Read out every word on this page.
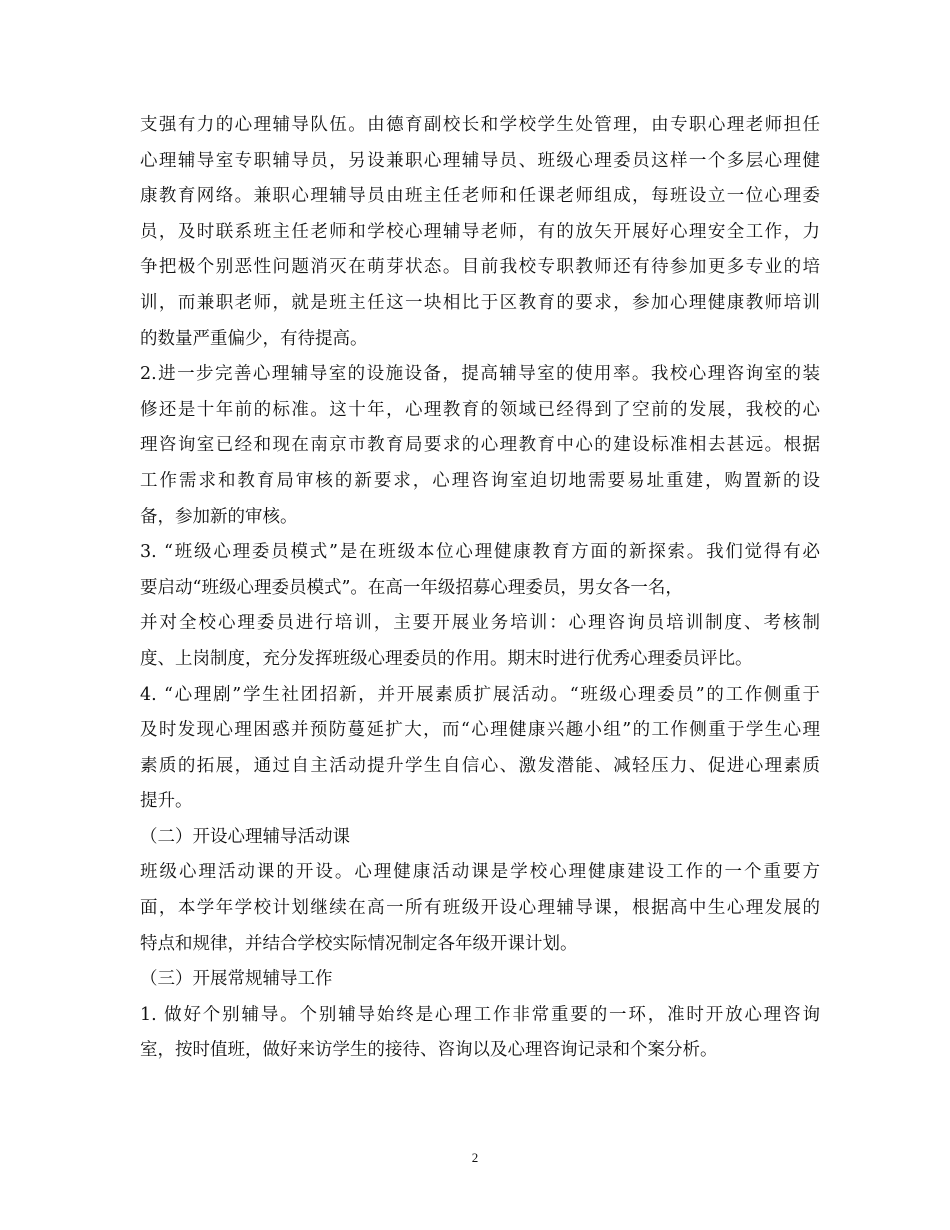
支强有力的心理辅导队伍。由德育副校长和学校学生处管理，由专职心理老师担任
心理辅导室专职辅导员，另设兼职心理辅导员、班级心理委员这样一个多层心理健
康教育网络。兼职心理辅导员由班主任老师和任课老师组成，每班设立一位心理委
员，及时联系班主任老师和学校心理辅导老师，有的放矢开展好心理安全工作，力
争把极个别恶性问题消灭在萌芽状态。目前我校专职教师还有待参加更多专业的培
训，而兼职老师，就是班主任这一块相比于区教育的要求，参加心理健康教师培训
的数量严重偏少，有待提高。
2.进一步完善心理辅导室的设施设备，提高辅导室的使用率。我校心理咨询室的装
修还是十年前的标准。这十年，心理教育的领域已经得到了空前的发展，我校的心
理咨询室已经和现在南京市教育局要求的心理教育中心的建设标准相去甚远。根据
工作需求和教育局审核的新要求，心理咨询室迫切地需要易址重建，购置新的设
备，参加新的审核。
3. “班级心理委员模式”是在班级本位心理健康教育方面的新探索。我们觉得有必
要启动“班级心理委员模式”。在高一年级招募心理委员，男女各一名，
并对全校心理委员进行培训，主要开展业务培训：心理咨询员培训制度、考核制
度、上岗制度，充分发挥班级心理委员的作用。期末时进行优秀心理委员评比。
4. “心理剧”学生社团招新，并开展素质扩展活动。“班级心理委员”的工作侧重于
及时发现心理困惑并预防蔓延扩大，而“心理健康兴趣小组”的工作侧重于学生心理
素质的拓展，通过自主活动提升学生自信心、激发潜能、减轻压力、促进心理素质
提升。
（二）开设心理辅导活动课
班级心理活动课的开设。心理健康活动课是学校心理健康建设工作的一个重要方
面，本学年学校计划继续在高一所有班级开设心理辅导课，根据高中生心理发展的
特点和规律，并结合学校实际情况制定各年级开课计划。
（三）开展常规辅导工作
1. 做好个别辅导。个别辅导始终是心理工作非常重要的一环，准时开放心理咨询
室，按时值班，做好来访学生的接待、咨询以及心理咨询记录和个案分析。
2
